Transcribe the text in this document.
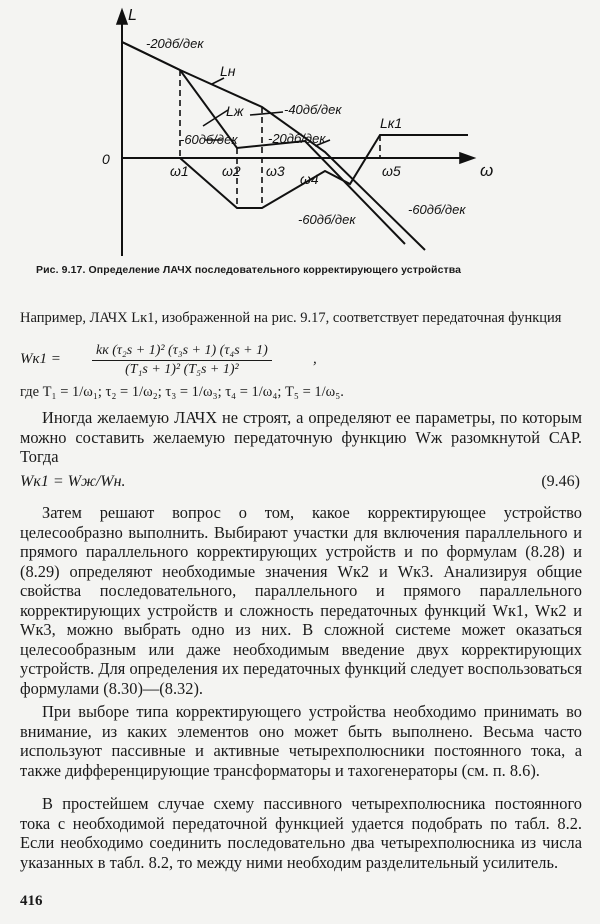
L
ω
0
Lн
Lж
Lк1
-20дб/дек
-40дб/дек
-60дб/дек -20дб/дек
-60дб/дек
-60дб/дек
ω1 ω2 ω3 ω4	ω5
Рис. 9.17. Определение ЛАЧХ последовательного корректирующего устройства
Например, ЛАЧХ Lк1, изображенной на рис. 9.17, соответствует передаточная функция
Wк1 =
kк (τ₂s + 1)² (τ₃s + 1) (τ₄s + 1)
(T₁s + 1)² (T₅s + 1)²
,
где T₁ = 1/ω₁; τ₂ = 1/ω₂; τ₃ = 1/ω₃; τ₄ = 1/ω₄; T₅ = 1/ω₅.
Иногда желаемую ЛАЧХ не строят, а определяют ее параметры, по которым можно составить желаемую передаточную функцию Wж разомкнутой САР. Тогда
Wк1 = Wж/Wн.	(9.46)
Затем решают вопрос о том, какое корректирующее устройство целесообразно выполнить. Выбирают участки для включения параллельного и прямого параллельного корректирующих устройств и по формулам (8.28) и (8.29) определяют необходимые значения Wк2 и Wк3. Анализируя общие свойства последовательного, параллельного и прямого параллельного корректирующих устройств и сложность передаточных функций Wк1, Wк2 и Wк3, можно выбрать одно из них. В сложной системе может оказаться целесообразным или даже необходимым введение двух корректирующих устройств. Для определения их передаточных функций следует воспользоваться формулами (8.30)—(8.32).
При выборе типа корректирующего устройства необходимо принимать во внимание, из каких элементов оно может быть выполнено. Весьма часто используют пассивные и активные четырехполюсники постоянного тока, а также дифференцирующие трансформаторы и тахогенераторы (см. п. 8.6).
В простейшем случае схему пассивного четырехполюсника постоянного тока с необходимой передаточной функцией удается подобрать по табл. 8.2. Если необходимо соединить последовательно два четырехполюсника из числа указанных в табл. 8.2, то между ними необходим разделительный усилитель.
416
